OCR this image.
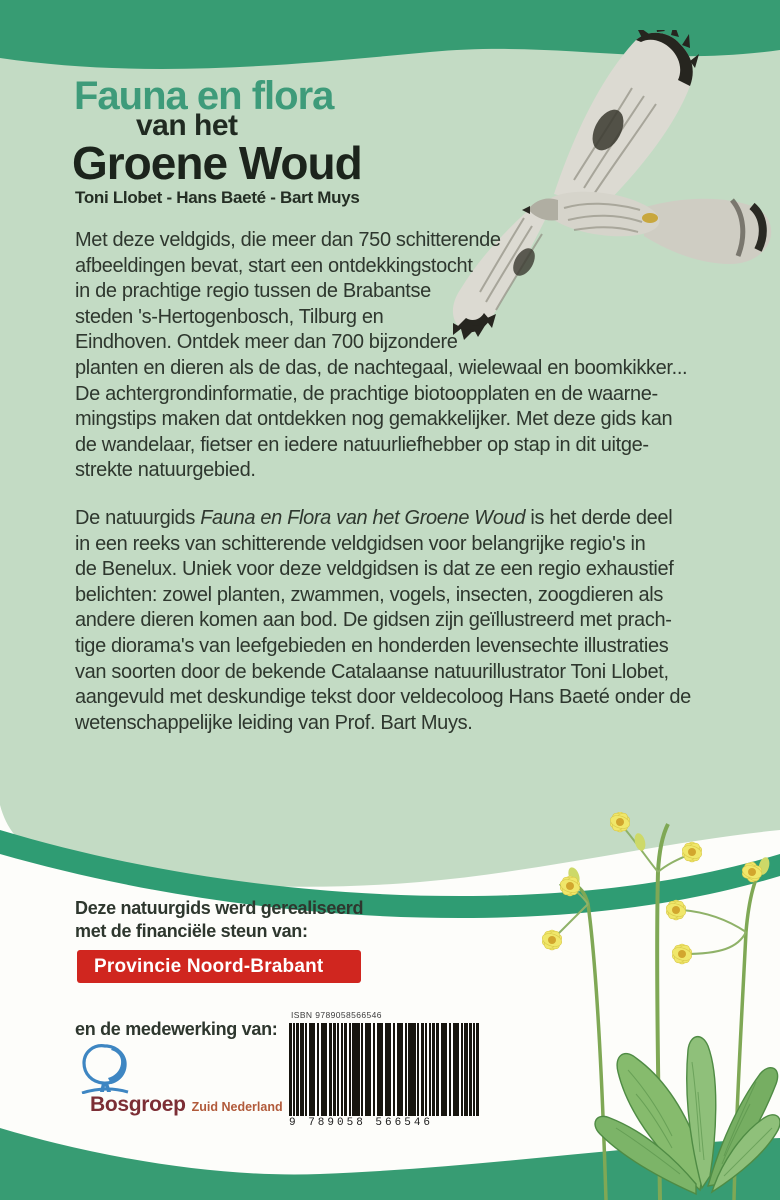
Fauna en flora
van het
Groene Woud
Toni Llobet - Hans Baeté - Bart Muys
Met deze veldgids, die meer dan 750 schitterende
afbeeldingen bevat, start een ontdekkingstocht
in de prachtige regio tussen de Brabantse
steden 's-Hertogenbosch, Tilburg en
Eindhoven. Ontdek meer dan 700 bijzondere
planten en dieren als de das, de nachtegaal, wielewaal en boomkikker...
De achtergrondinformatie, de prachtige biotoopplaten en de waarne-
mingstips maken dat ontdekken nog gemakkelijker. Met deze gids kan
de wandelaar, fietser en iedere natuurliefhebber op stap in dit uitge-
strekte natuurgebied.
De natuurgids Fauna en Flora van het Groene Woud is het derde deel
in een reeks van schitterende veldgidsen voor belangrijke regio's in
de Benelux. Uniek voor deze veldgidsen is dat ze een regio exhaustief
belichten: zowel planten, zwammen, vogels, insecten, zoogdieren als
andere dieren komen aan bod. De gidsen zijn geïllustreerd met prach-
tige diorama's van leefgebieden en honderden levensechte illustraties
van soorten door de bekende Catalaanse natuurillustrator Toni Llobet,
aangevuld met deskundige tekst door veldecoloog Hans Baeté onder de
wetenschappelijke leiding van Prof. Bart Muys.
Deze natuurgids werd gerealiseerd
met de financiële steun van:
Provincie Noord-Brabant
en de medewerking van:
Bosgroep Zuid Nederland
ISBN 9789058566546
9 789058 566546
